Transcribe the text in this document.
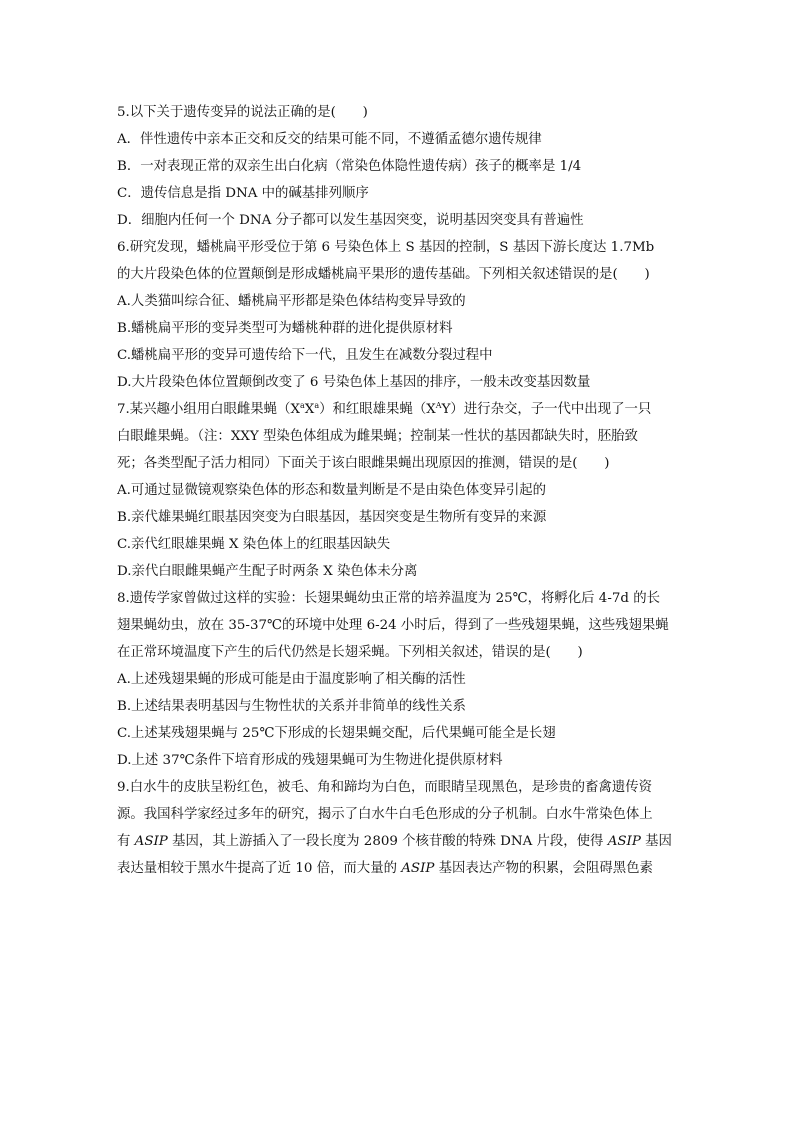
5.以下关于遗传变异的说法正确的是(　　)
A．伴性遗传中亲本正交和反交的结果可能不同，不遵循孟德尔遗传规律
B．一对表现正常的双亲生出白化病（常染色体隐性遗传病）孩子的概率是 1/4
C．遗传信息是指 DNA 中的碱基排列顺序
D．细胞内任何一个 DNA 分子都可以发生基因突变，说明基因突变具有普遍性
6.研究发现，蟠桃扁平形受位于第 6 号染色体上 S 基因的控制，S 基因下游长度达 1.7Mb
的大片段染色体的位置颠倒是形成蟠桃扁平果形的遗传基础。下列相关叙述错误的是(　　)
A.人类猫叫综合征、蟠桃扁平形都是染色体结构变异导致的
B.蟠桃扁平形的变异类型可为蟠桃种群的进化提供原材料
C.蟠桃扁平形的变异可遗传给下一代，且发生在减数分裂过程中
D.大片段染色体位置颠倒改变了 6 号染色体上基因的排序，一般未改变基因数量
7.某兴趣小组用白眼雌果蝇$(X^aX^a)$和红眼雄果蝇$(X^AY)$进行杂交，子一代中出现了一只
白眼雌果蝇。（注：XXY 型染色体组成为雌果蝇；控制某一性状的基因都缺失时，胚胎致
死；各类型配子活力相同）下面关于该白眼雌果蝇出现原因的推测，错误的是(　　)
A.可通过显微镜观察染色体的形态和数量判断是不是由染色体变异引起的
B.亲代雄果蝇红眼基因突变为白眼基因，基因突变是生物所有变异的来源
C.亲代红眼雄果蝇 X 染色体上的红眼基因缺失
D.亲代白眼雌果蝇产生配子时两条 X 染色体未分离
8.遗传学家曾做过这样的实验：长翅果蝇幼虫正常的培养温度为 25℃，将孵化后 4-7d 的长
翅果蝇幼虫，放在 35-37℃的环境中处理 6-24 小时后，得到了一些残翅果蝇，这些残翅果蝇
在正常环境温度下产生的后代仍然是长翅采蝇。下列相关叙述，错误的是(　　)
A.上述残翅果蝇的形成可能是由于温度影响了相关酶的活性
B.上述结果表明基因与生物性状的关系并非简单的线性关系
C.上述某残翅果蝇与 25℃下形成的长翅果蝇交配，后代果蝇可能全是长翅
D.上述 37℃条件下培育形成的残翅果蝇可为生物进化提供原材料
9.白水牛的皮肤呈粉红色，被毛、角和蹄均为白色，而眼睛呈现黑色，是珍贵的畜禽遗传资
源。我国科学家经过多年的研究，揭示了白水牛白毛色形成的分子机制。白水牛常染色体上
有 ASIP 基因，其上游插入了一段长度为 2809 个核苷酸的特殊 DNA 片段，使得 ASIP 基因
表达量相较于黑水牛提高了近 10 倍，而大量的 ASIP 基因表达产物的积累，会阻碍黑色素
